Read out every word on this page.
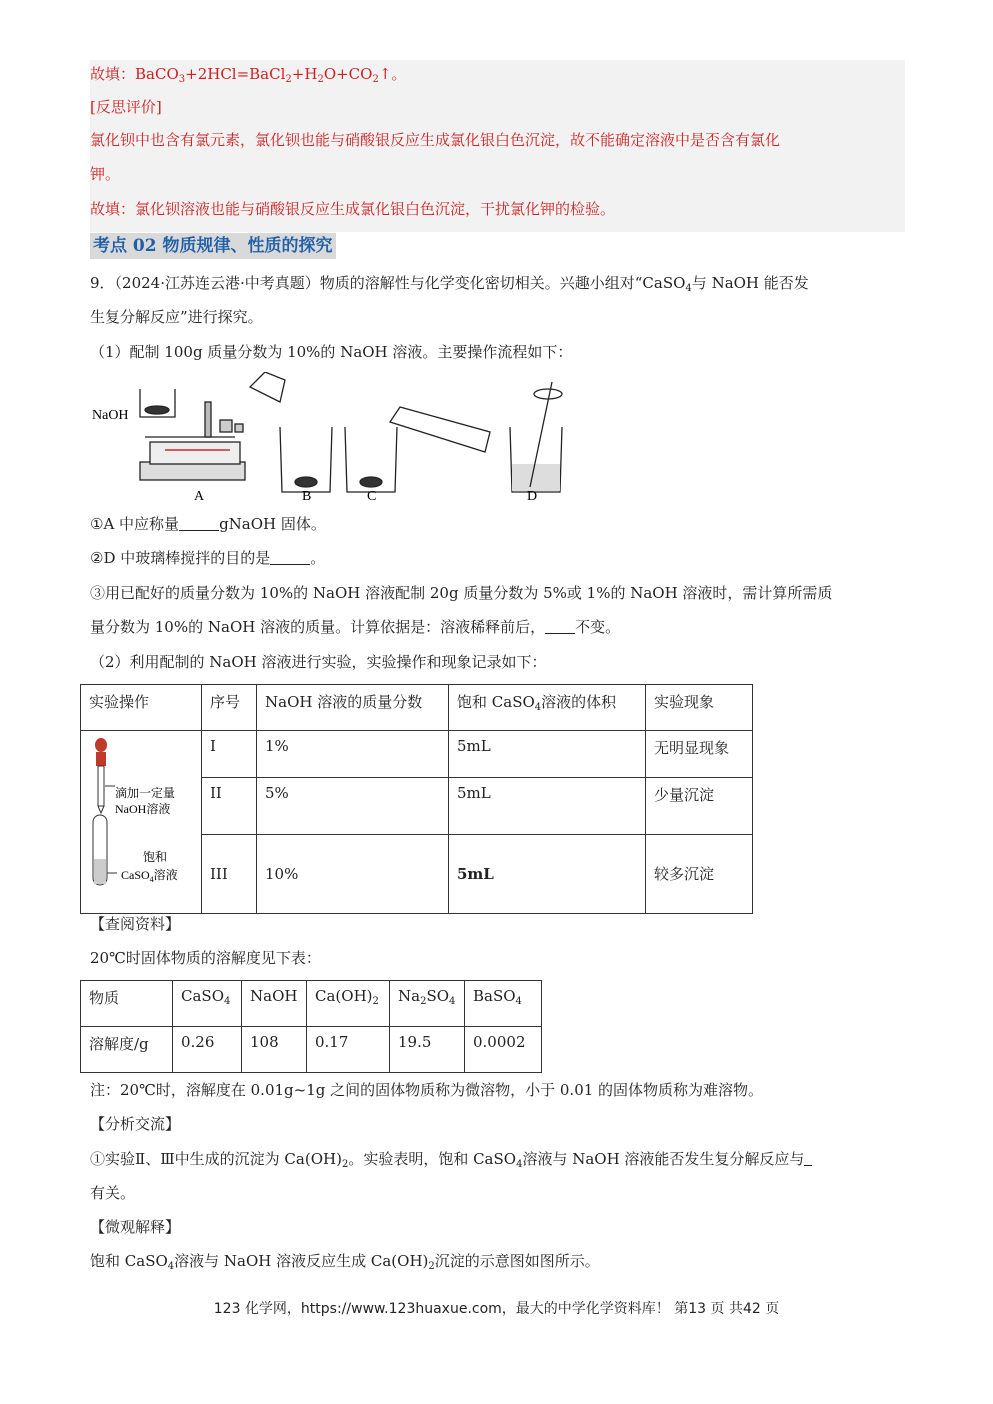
故填：$BaCO_3+2HCl=BaCl_2+H_2O+CO_2↑$。
[反思评价]
氯化钡中也含有氯元素，氯化钡也能与硝酸银反应生成氯化银白色沉淀，故不能确定溶液中是否含有氯化
钾。
故填：氯化钡溶液也能与硝酸银反应生成氯化银白色沉淀，干扰氯化钾的检验。
考点 02 物质规律、性质的探究
9．（2024·江苏连云港·中考真题）物质的溶解性与化学变化密切相关。兴趣小组对“CaSO$_4$与 NaOH 能否发
生复分解反应”进行探究。
（1）配制 100g 质量分数为 10%的 NaOH 溶液。主要操作流程如下：
NaOH
A	B	C	D
①A 中应称量	gNaOH 固体。
②D 中玻璃棒搅拌的目的是	。
③用已配好的质量分数为 10%的 NaOH 溶液配制 20g 质量分数为 5%或 1%的 NaOH 溶液时，需计算所需质
量分数为 10%的 NaOH 溶液的质量。计算依据是：溶液稀释前后， 不变。
（2）利用配制的 NaOH 溶液进行实验，实验操作和现象记录如下：
实验操作	序号	NaOH 溶液的质量分数	饱和 CaSO$_4$溶液的体积	实验现象

滴加一定量
NaOH溶液
饱和
CaSO$_4$溶液	I	1%	5mL	无明显现象
	II	5%	5mL	少量沉淀
	III	10%	5mL	较多沉淀
【查阅资料】
20℃时固体物质的溶解度见下表：
物质	CaSO$_4$	NaOH	$Ca(OH)_2$	$Na_2SO_4$	BaSO$_4$
溶解度/g	0.26	108	0.17	19.5	0.0002
注：20℃时，溶解度在 0.01g~1g 之间的固体物质称为微溶物，小于 0.01 的固体物质称为难溶物。
【分析交流】
①实验Ⅱ、Ⅲ中生成的沉淀为 $Ca(OH)_2$。实验表明，饱和 CaSO$_4$溶液与 NaOH 溶液能否发生复分解反应与
有关。
【微观解释】
饱和 CaSO$_4$溶液与 NaOH 溶液反应生成 $Ca(OH)_2$沉淀的示意图如图所示。
123 化学网，https://www.123huaxue.com，最大的中学化学资料库！ 第13 页 共42 页
